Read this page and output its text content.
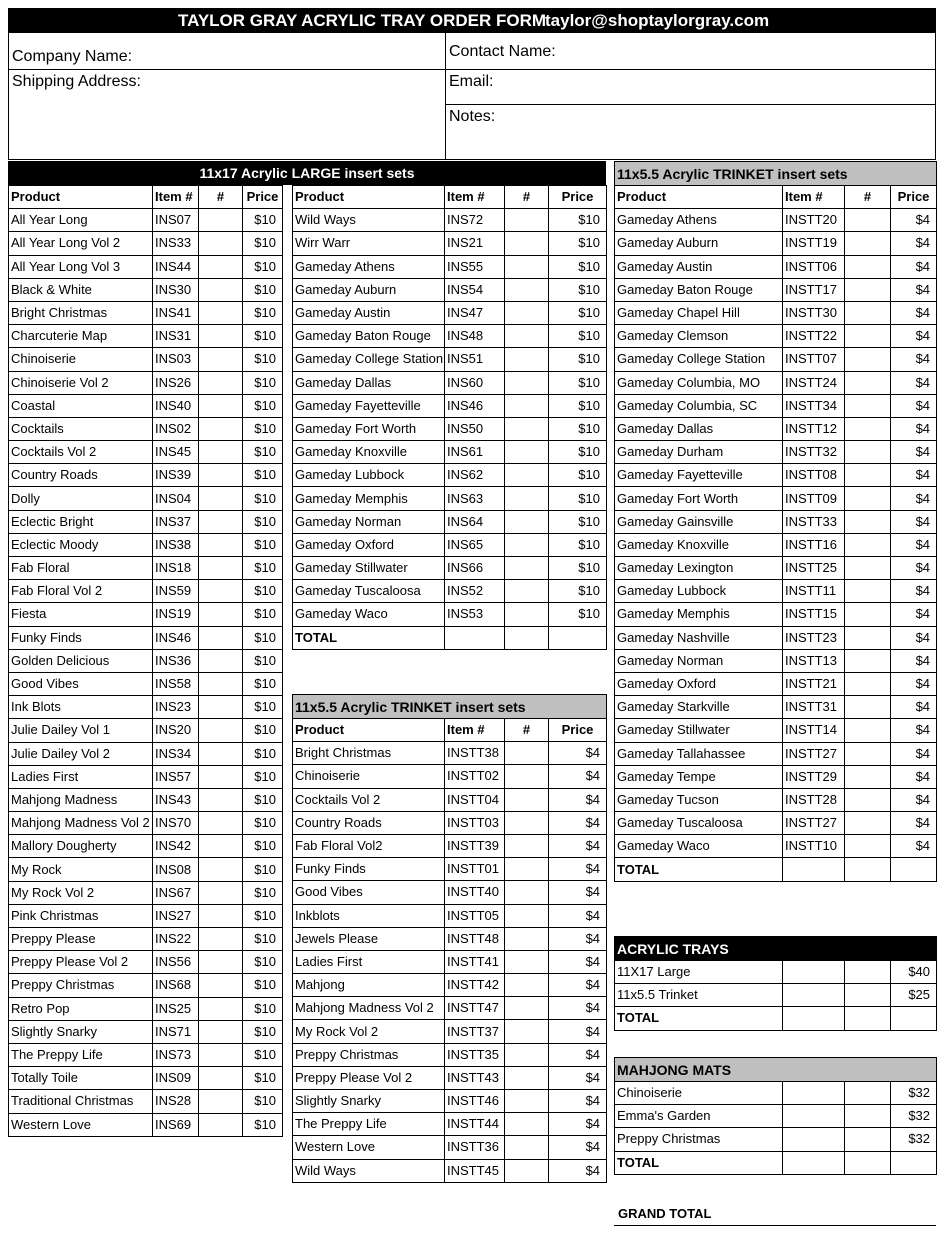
TAYLOR GRAY ACRYLIC TRAY ORDER FORM
taylor@shoptaylorgray.com
Company Name:	Contact Name:
Shipping Address:	Email:
Notes:

Product	Item #	#	Price
All Year Long	INS07		$10
All Year Long Vol 2	INS33		$10
All Year Long Vol 3	INS44		$10
Black & White	INS30		$10
Bright Christmas	INS41		$10
Charcuterie Map	INS31		$10
Chinoiserie	INS03		$10
Chinoiserie Vol 2	INS26		$10
Coastal	INS40		$10
Cocktails	INS02		$10
Cocktails Vol 2	INS45		$10
Country Roads	INS39		$10
Dolly	INS04		$10
Eclectic Bright	INS37		$10
Eclectic Moody	INS38		$10
Fab Floral	INS18		$10
Fab Floral Vol 2	INS59		$10
Fiesta	INS19		$10
Funky Finds	INS46		$10
Golden Delicious	INS36		$10
Good Vibes	INS58		$10
Ink Blots	INS23		$10
Julie Dailey Vol 1	INS20		$10
Julie Dailey Vol 2	INS34		$10
Ladies First	INS57		$10
Mahjong Madness	INS43		$10
Mahjong Madness Vol 2	INS70		$10
Mallory Dougherty	INS42		$10
My Rock	INS08		$10
My Rock Vol 2	INS67		$10
Pink Christmas	INS27		$10
Preppy Please	INS22		$10
Preppy Please Vol 2	INS56		$10
Preppy Christmas	INS68		$10
Retro Pop	INS25		$10
Slightly Snarky	INS71		$10
The Preppy Life	INS73		$10
Totally Toile	INS09		$10
Traditional Christmas	INS28		$10
Western Love	INS69		$10
11x17 Acrylic LARGE insert sets
Product	Item #	#	Price
Wild Ways	INS72		$10
Wirr Warr	INS21		$10
Gameday Athens	INS55		$10
Gameday Auburn	INS54		$10
Gameday Austin	INS47		$10
Gameday Baton Rouge	INS48		$10
Gameday College Station	INS51		$10
Gameday Dallas	INS60		$10
Gameday Fayetteville	INS46		$10
Gameday Fort Worth	INS50		$10
Gameday Knoxville	INS61		$10
Gameday Lubbock	INS62		$10
Gameday Memphis	INS63		$10
Gameday Norman	INS64		$10
Gameday Oxford	INS65		$10
Gameday Stillwater	INS66		$10
Gameday Tuscaloosa	INS52		$10
Gameday Waco	INS53		$10
TOTAL			
11x5.5 Acrylic TRINKET insert sets			
Product	Item #	#	Price
Bright Christmas	INSTT38		$4
Chinoiserie	INSTT02		$4
Cocktails Vol 2	INSTT04		$4
Country Roads	INSTT03		$4
Fab Floral Vol2	INSTT39		$4
Funky Finds	INSTT01		$4
Good Vibes	INSTT40		$4
Inkblots	INSTT05		$4
Jewels Please	INSTT48		$4
Ladies First	INSTT41		$4
Mahjong	INSTT42		$4
Mahjong Madness Vol 2	INSTT47		$4
My Rock Vol 2	INSTT37		$4
Preppy Christmas	INSTT35		$4
Preppy Please Vol 2	INSTT43		$4
Slightly Snarky	INSTT46		$4
The Preppy Life	INSTT44		$4
Western Love	INSTT36		$4
Wild Ways	INSTT45		$4
11x5.5 Acrylic TRINKET insert sets			
Product	Item #	#	Price
Gameday Athens	INSTT20		$4
Gameday Auburn	INSTT19		$4
Gameday Austin	INSTT06		$4
Gameday Baton Rouge	INSTT17		$4
Gameday Chapel Hill	INSTT30		$4
Gameday Clemson	INSTT22		$4
Gameday College Station	INSTT07		$4
Gameday Columbia, MO	INSTT24		$4
Gameday Columbia, SC	INSTT34		$4
Gameday Dallas	INSTT12		$4
Gameday Durham	INSTT32		$4
Gameday Fayetteville	INSTT08		$4
Gameday Fort Worth	INSTT09		$4
Gameday Gainsville	INSTT33		$4
Gameday Knoxville	INSTT16		$4
Gameday Lexington	INSTT25		$4
Gameday Lubbock	INSTT11		$4
Gameday Memphis	INSTT15		$4
Gameday Nashville	INSTT23		$4
Gameday Norman	INSTT13		$4
Gameday Oxford	INSTT21		$4
Gameday Starkville	INSTT31		$4
Gameday Stillwater	INSTT14		$4
Gameday Tallahassee	INSTT27		$4
Gameday Tempe	INSTT29		$4
Gameday Tucson	INSTT28		$4
Gameday Tuscaloosa	INSTT27		$4
Gameday Waco	INSTT10		$4
TOTAL			
ACRYLIC TRAYS			
11X17 Large			$40
11x5.5 Trinket			$25
TOTAL			
MAHJONG MATS			
Chinoiserie			$32
Emma's Garden			$32
Preppy Christmas			$32
TOTAL			
GRAND TOTAL
